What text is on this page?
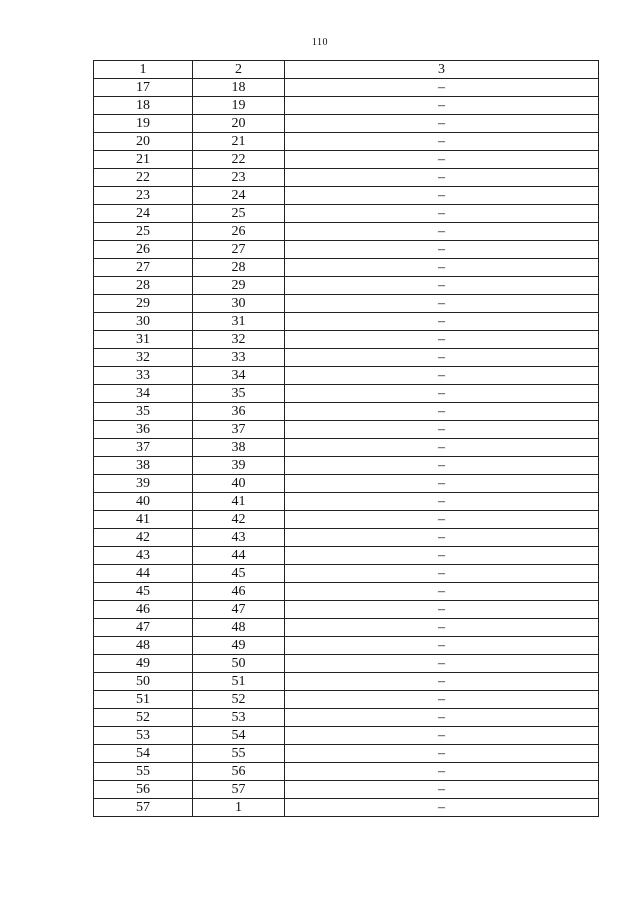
110
1	2	3
17	18	–
18	19	–
19	20	–
20	21	–
21	22	–
22	23	–
23	24	–
24	25	–
25	26	–
26	27	–
27	28	–
28	29	–
29	30	–
30	31	–
31	32	–
32	33	–
33	34	–
34	35	–
35	36	–
36	37	–
37	38	–
38	39	–
39	40	–
40	41	–
41	42	–
42	43	–
43	44	–
44	45	–
45	46	–
46	47	–
47	48	–
48	49	–
49	50	–
50	51	–
51	52	–
52	53	–
53	54	–
54	55	–
55	56	–
56	57	–
57	1	–
